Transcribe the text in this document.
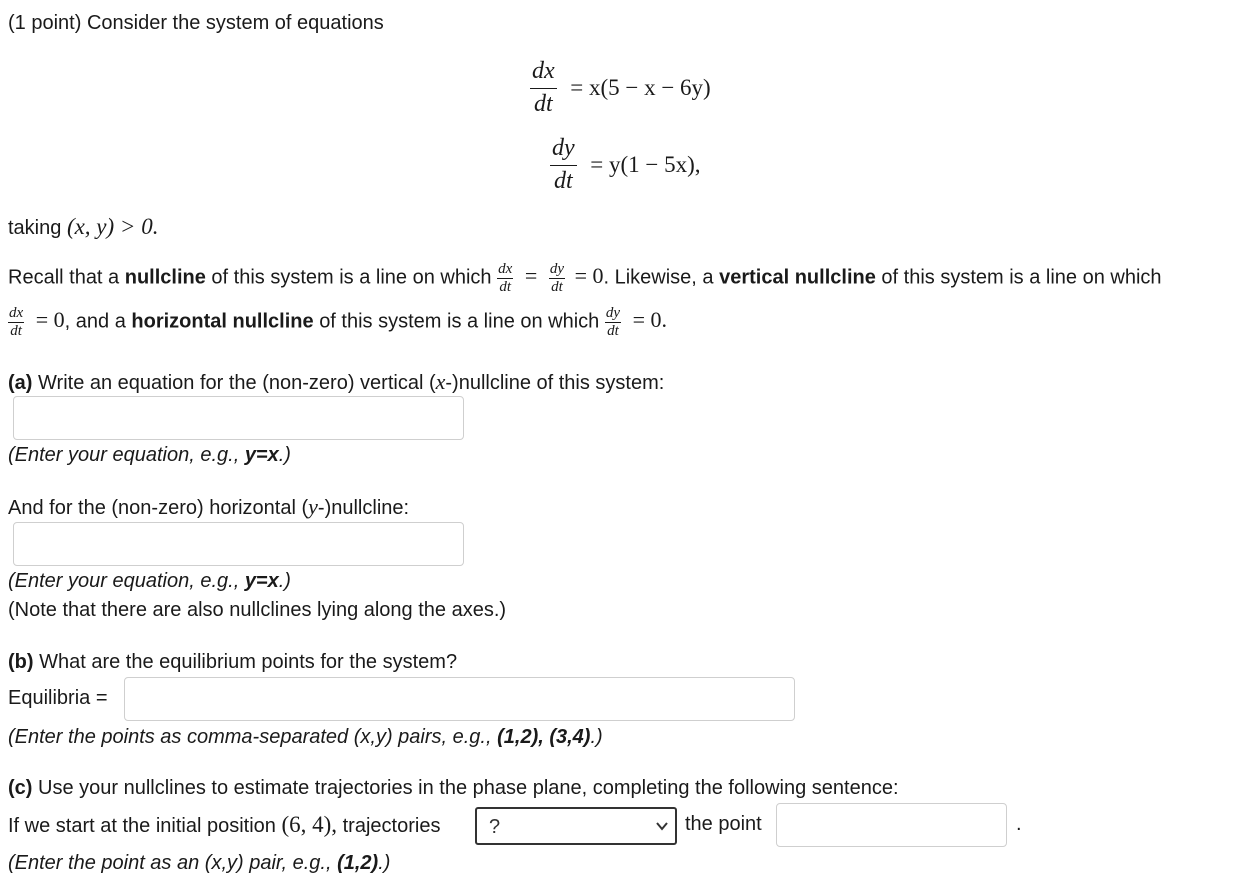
(1 point) Consider the system of equations
$\frac{dx}{dt} = x(5 - x - 6y)$
$\frac{dy}{dt} = y(1 - 5x)$,
taking (x, y) > 0.
Recall that a nullcline of this system is a line on which $\frac{dx}{dt} = \frac{dy}{dt} = 0$. Likewise, a vertical nullcline of this system is a line on which
$\frac{dx}{dt} = 0$, and a horizontal nullcline of this system is a line on which $\frac{dy}{dt} = 0$.
(a) Write an equation for the (non-zero) vertical (x-)nullcline of this system:
(Enter your equation, e.g., y=x.)
And for the (non-zero) horizontal (y-)nullcline:
(Enter your equation, e.g., y=x.)
(Note that there are also nullclines lying along the axes.)
(b) What are the equilibrium points for the system?
Equilibria =
(Enter the points as comma-separated (x,y) pairs, e.g., (1,2), (3,4).)
(c) Use your nullclines to estimate trajectories in the phase plane, completing the following sentence:
If we start at the initial position (6, 4), trajectories ?	the point	.
(Enter the point as an (x,y) pair, e.g., (1,2).)
